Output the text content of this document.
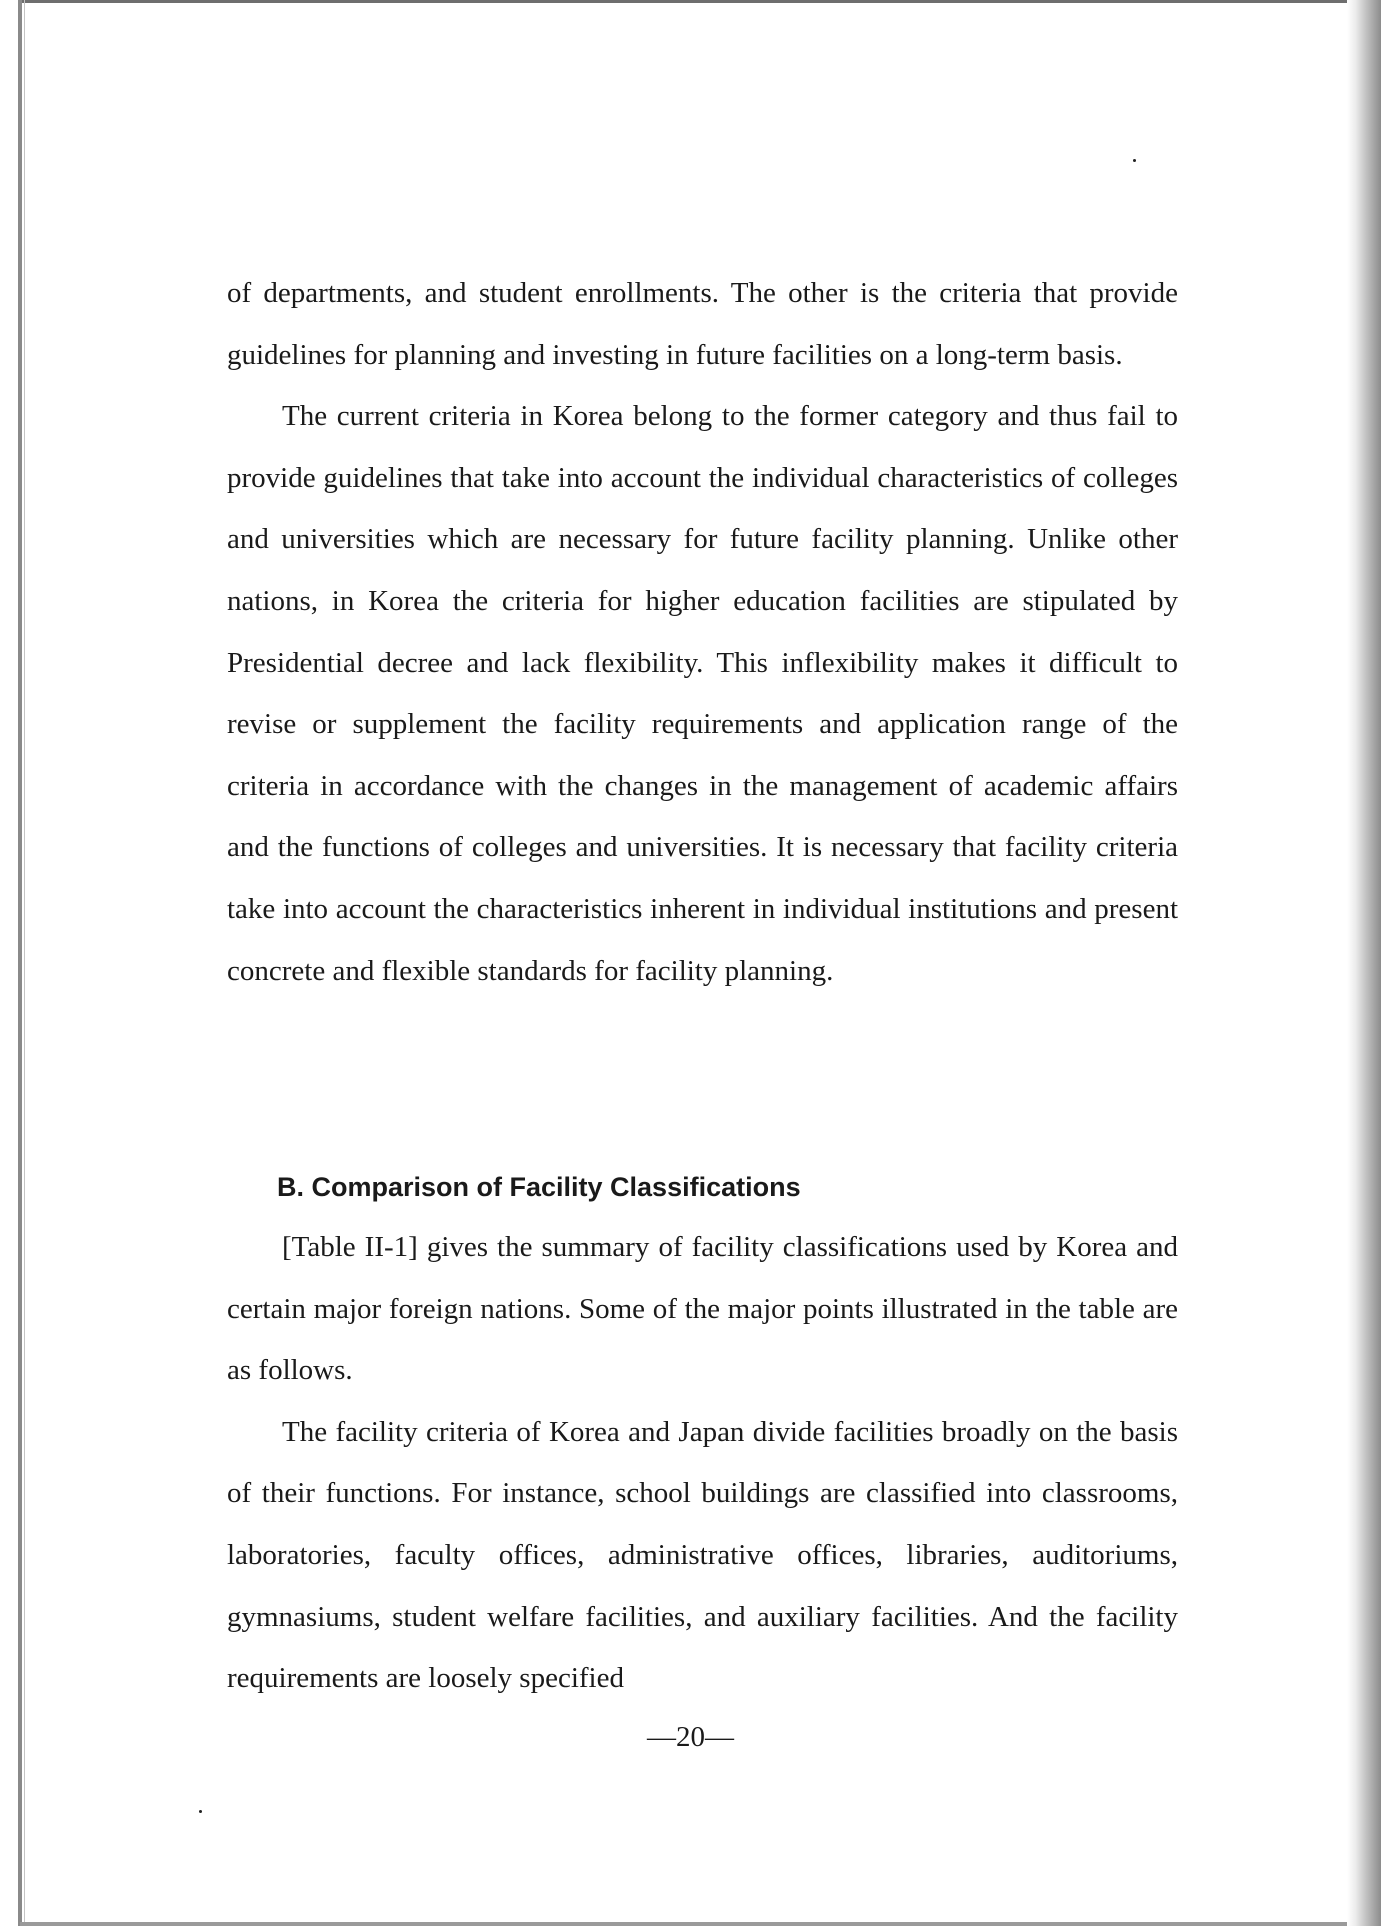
of departments, and student enrollments. The other is the criteria that provide guidelines for planning and investing in future facilities on a long-term basis.

The current criteria in Korea belong to the former category and thus fail to provide guidelines that take into account the individual characteristics of colleges and universities which are necessary for future facility planning. Unlike other nations, in Korea the criteria for higher education facilities are stipulated by Presidential decree and lack flexibility. This inflexibility makes it difficult to revise or supplement the facility requirements and application range of the criteria in accordance with the changes in the management of academic affairs and the functions of colleges and universities. It is necessary that facility criteria take into account the characteristics inherent in individual institutions and present concrete and flexible standards for facility planning.

B. Comparison of Facility Classifications

[Table II-1] gives the summary of facility classifications used by Korea and certain major foreign nations. Some of the major points illustrated in the table are as follows.

The facility criteria of Korea and Japan divide facilities broadly on the basis of their functions. For instance, school buildings are classified into classrooms, laboratories, faculty offices, administrative offices, libraries, auditoriums, gymnasiums, student welfare facilities, and auxiliary facilities. And the facility requirements are loosely specified

—20—
